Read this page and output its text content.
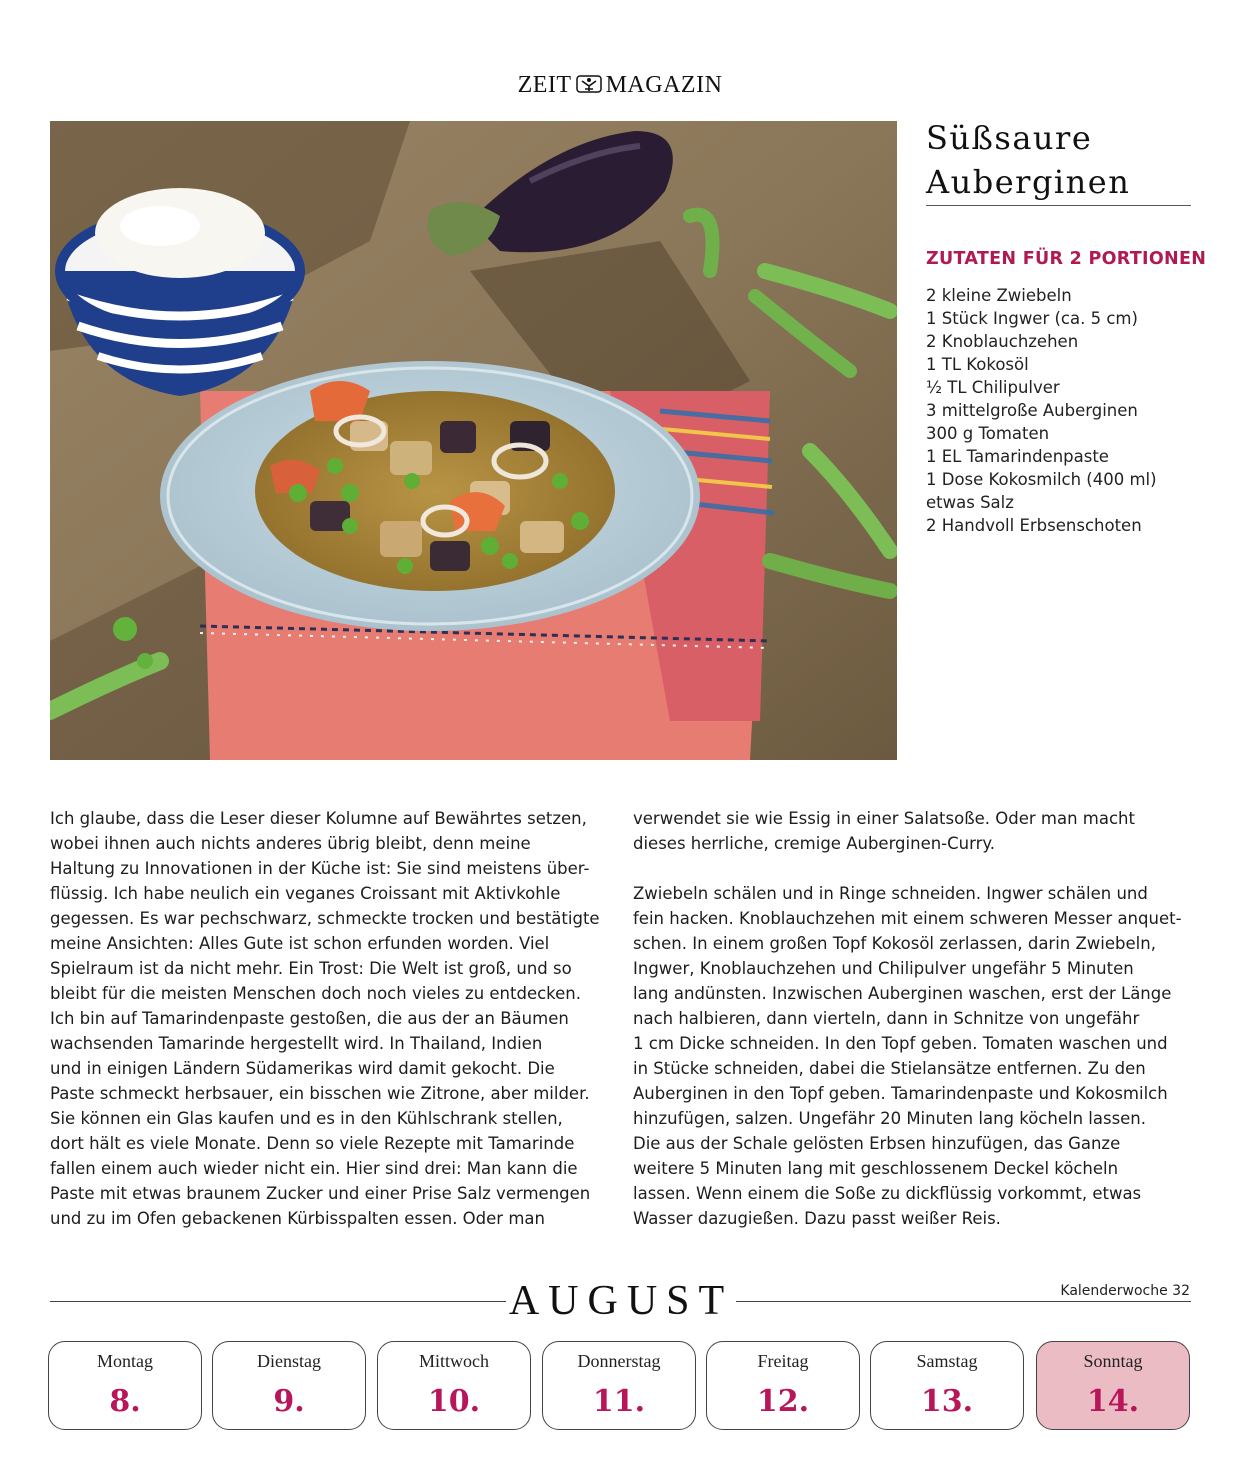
ZEIT MAGAZIN
Süßsaure
Auberginen
ZUTATEN FÜR 2 PORTIONEN
2 kleine Zwiebeln
1 Stück Ingwer (ca. 5 cm)
2 Knoblauchzehen
1 TL Kokosöl
½ TL Chilipulver
3 mittelgroße Auberginen
300 g Tomaten
1 EL Tamarindenpaste
1 Dose Kokosmilch (400 ml)
etwas Salz
2 Handvoll Erbsenschoten

Ich glaube, dass die Leser dieser Kolumne auf Bewährtes setzen,
wobei ihnen auch nichts anderes übrig bleibt, denn meine
Haltung zu Innovationen in der Küche ist: Sie sind meistens über-
flüssig. Ich habe neulich ein veganes Croissant mit Aktivkohle
gegessen. Es war pechschwarz, schmeckte trocken und bestätigte
meine Ansichten: Alles Gute ist schon erfunden worden. Viel
Spielraum ist da nicht mehr. Ein Trost: Die Welt ist groß, und so
bleibt für die meisten Menschen doch noch vieles zu entdecken.
Ich bin auf Tamarindenpaste gestoßen, die aus der an Bäumen
wachsenden Tamarinde hergestellt wird. In Thailand, Indien
und in einigen Ländern Südamerikas wird damit gekocht. Die
Paste schmeckt herbsauer, ein bisschen wie Zitrone, aber milder.
Sie können ein Glas kaufen und es in den Kühlschrank stellen,
dort hält es viele Monate. Denn so viele Rezepte mit Tamarinde
fallen einem auch wieder nicht ein. Hier sind drei: Man kann die
Paste mit etwas braunem Zucker und einer Prise Salz vermengen
und zu im Ofen gebackenen Kürbisspalten essen. Oder man

verwendet sie wie Essig in einer Salatsoße. Oder man macht
dieses herrliche, cremige Auberginen-Curry.

Zwiebeln schälen und in Ringe schneiden. Ingwer schälen und
fein hacken. Knoblauchzehen mit einem schweren Messer anquet-
schen. In einem großen Topf Kokosöl zerlassen, darin Zwiebeln,
Ingwer, Knoblauchzehen und Chilipulver ungefähr 5 Minuten
lang andünsten. Inzwischen Auberginen waschen, erst der Länge
nach halbieren, dann vierteln, dann in Schnitze von ungefähr
1 cm Dicke schneiden. In den Topf geben. Tomaten waschen und
in Stücke schneiden, dabei die Stielansätze entfernen. Zu den
Auberginen in den Topf geben. Tamarindenpaste und Kokosmilch
hinzufügen, salzen. Ungefähr 20 Minuten lang köcheln lassen.
Die aus der Schale gelösten Erbsen hinzufügen, das Ganze
weitere 5 Minuten lang mit geschlossenem Deckel köcheln
lassen. Wenn einem die Soße zu dickflüssig vorkommt, etwas
Wasser dazugießen. Dazu passt weißer Reis.

AUGUST	Kalenderwoche 32
Montag
8.
Dienstag
9.
Mittwoch
10.
Donnerstag
11.
Freitag
12.
Samstag
13.
Sonntag
14.
